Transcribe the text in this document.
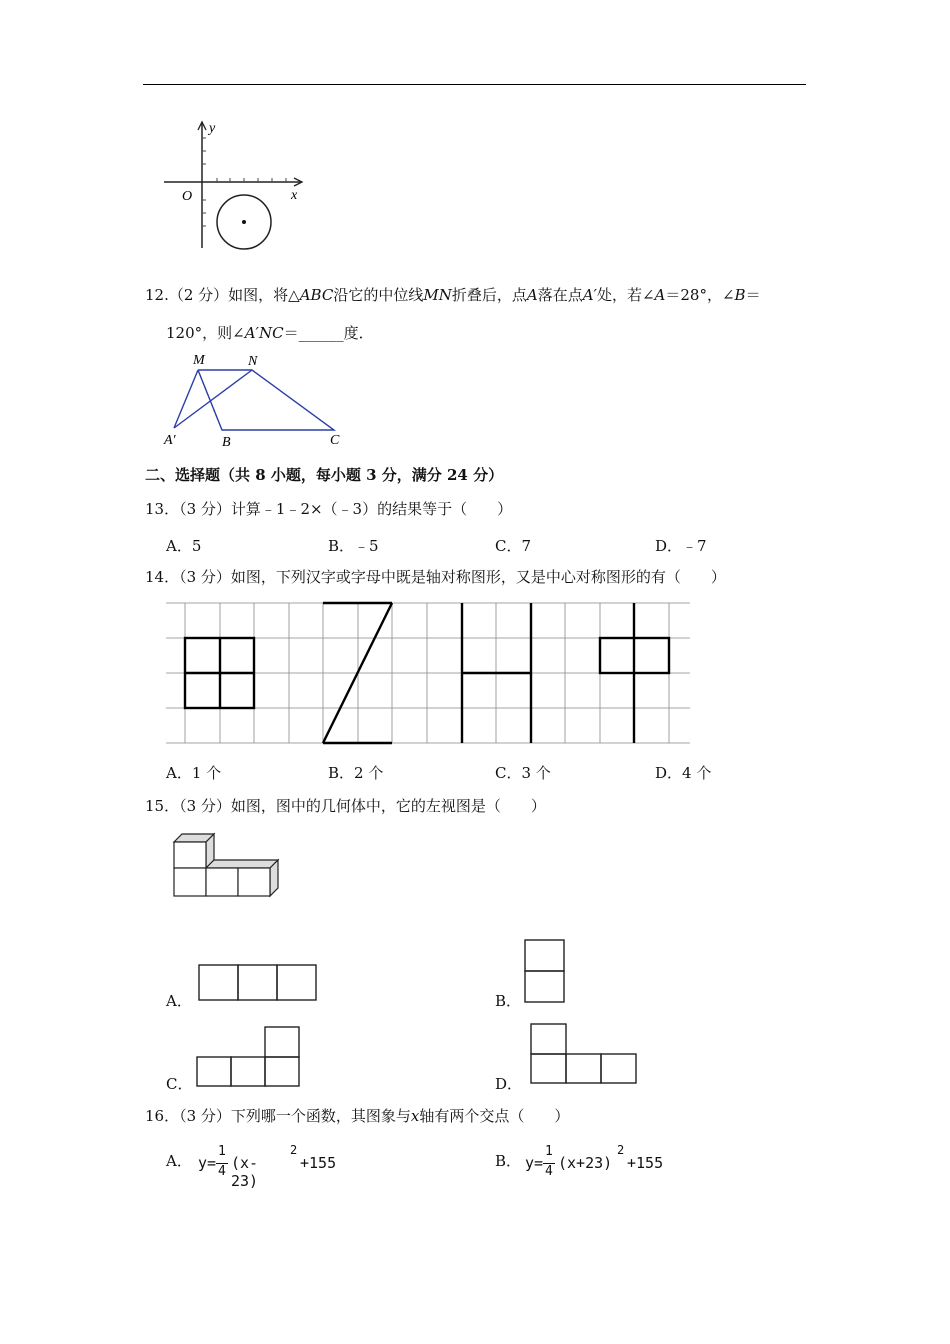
y
x
O
12.（2 分）如图，将△ABC沿它的中位线MN折叠后，点A落在点A′处，若∠A＝28°，∠B＝
120°，则∠A′NC＝______度．
M	N
A′	B	C
二、选择题（共 8 小题，每小题 3 分，满分 24 分）
13．（3 分）计算﹣1﹣2×（﹣3）的结果等于（　　）
A．5	B．﹣5	C．7	D．﹣7
14．（3 分）如图，下列汉字或字母中既是轴对称图形，又是中心对称图形的有（　　）
A．1 个	B．2 个	C．3 个	D．4 个
15．（3 分）如图，图中的几何体中，它的左视图是（　　）
A．	B．
C．	D．
16．（3 分）下列哪一个函数，其图象与x轴有两个交点（　　）
A． y=
1
4 (x-23)
2
+155	B． y=
1
4 (x+23)
2
+155
